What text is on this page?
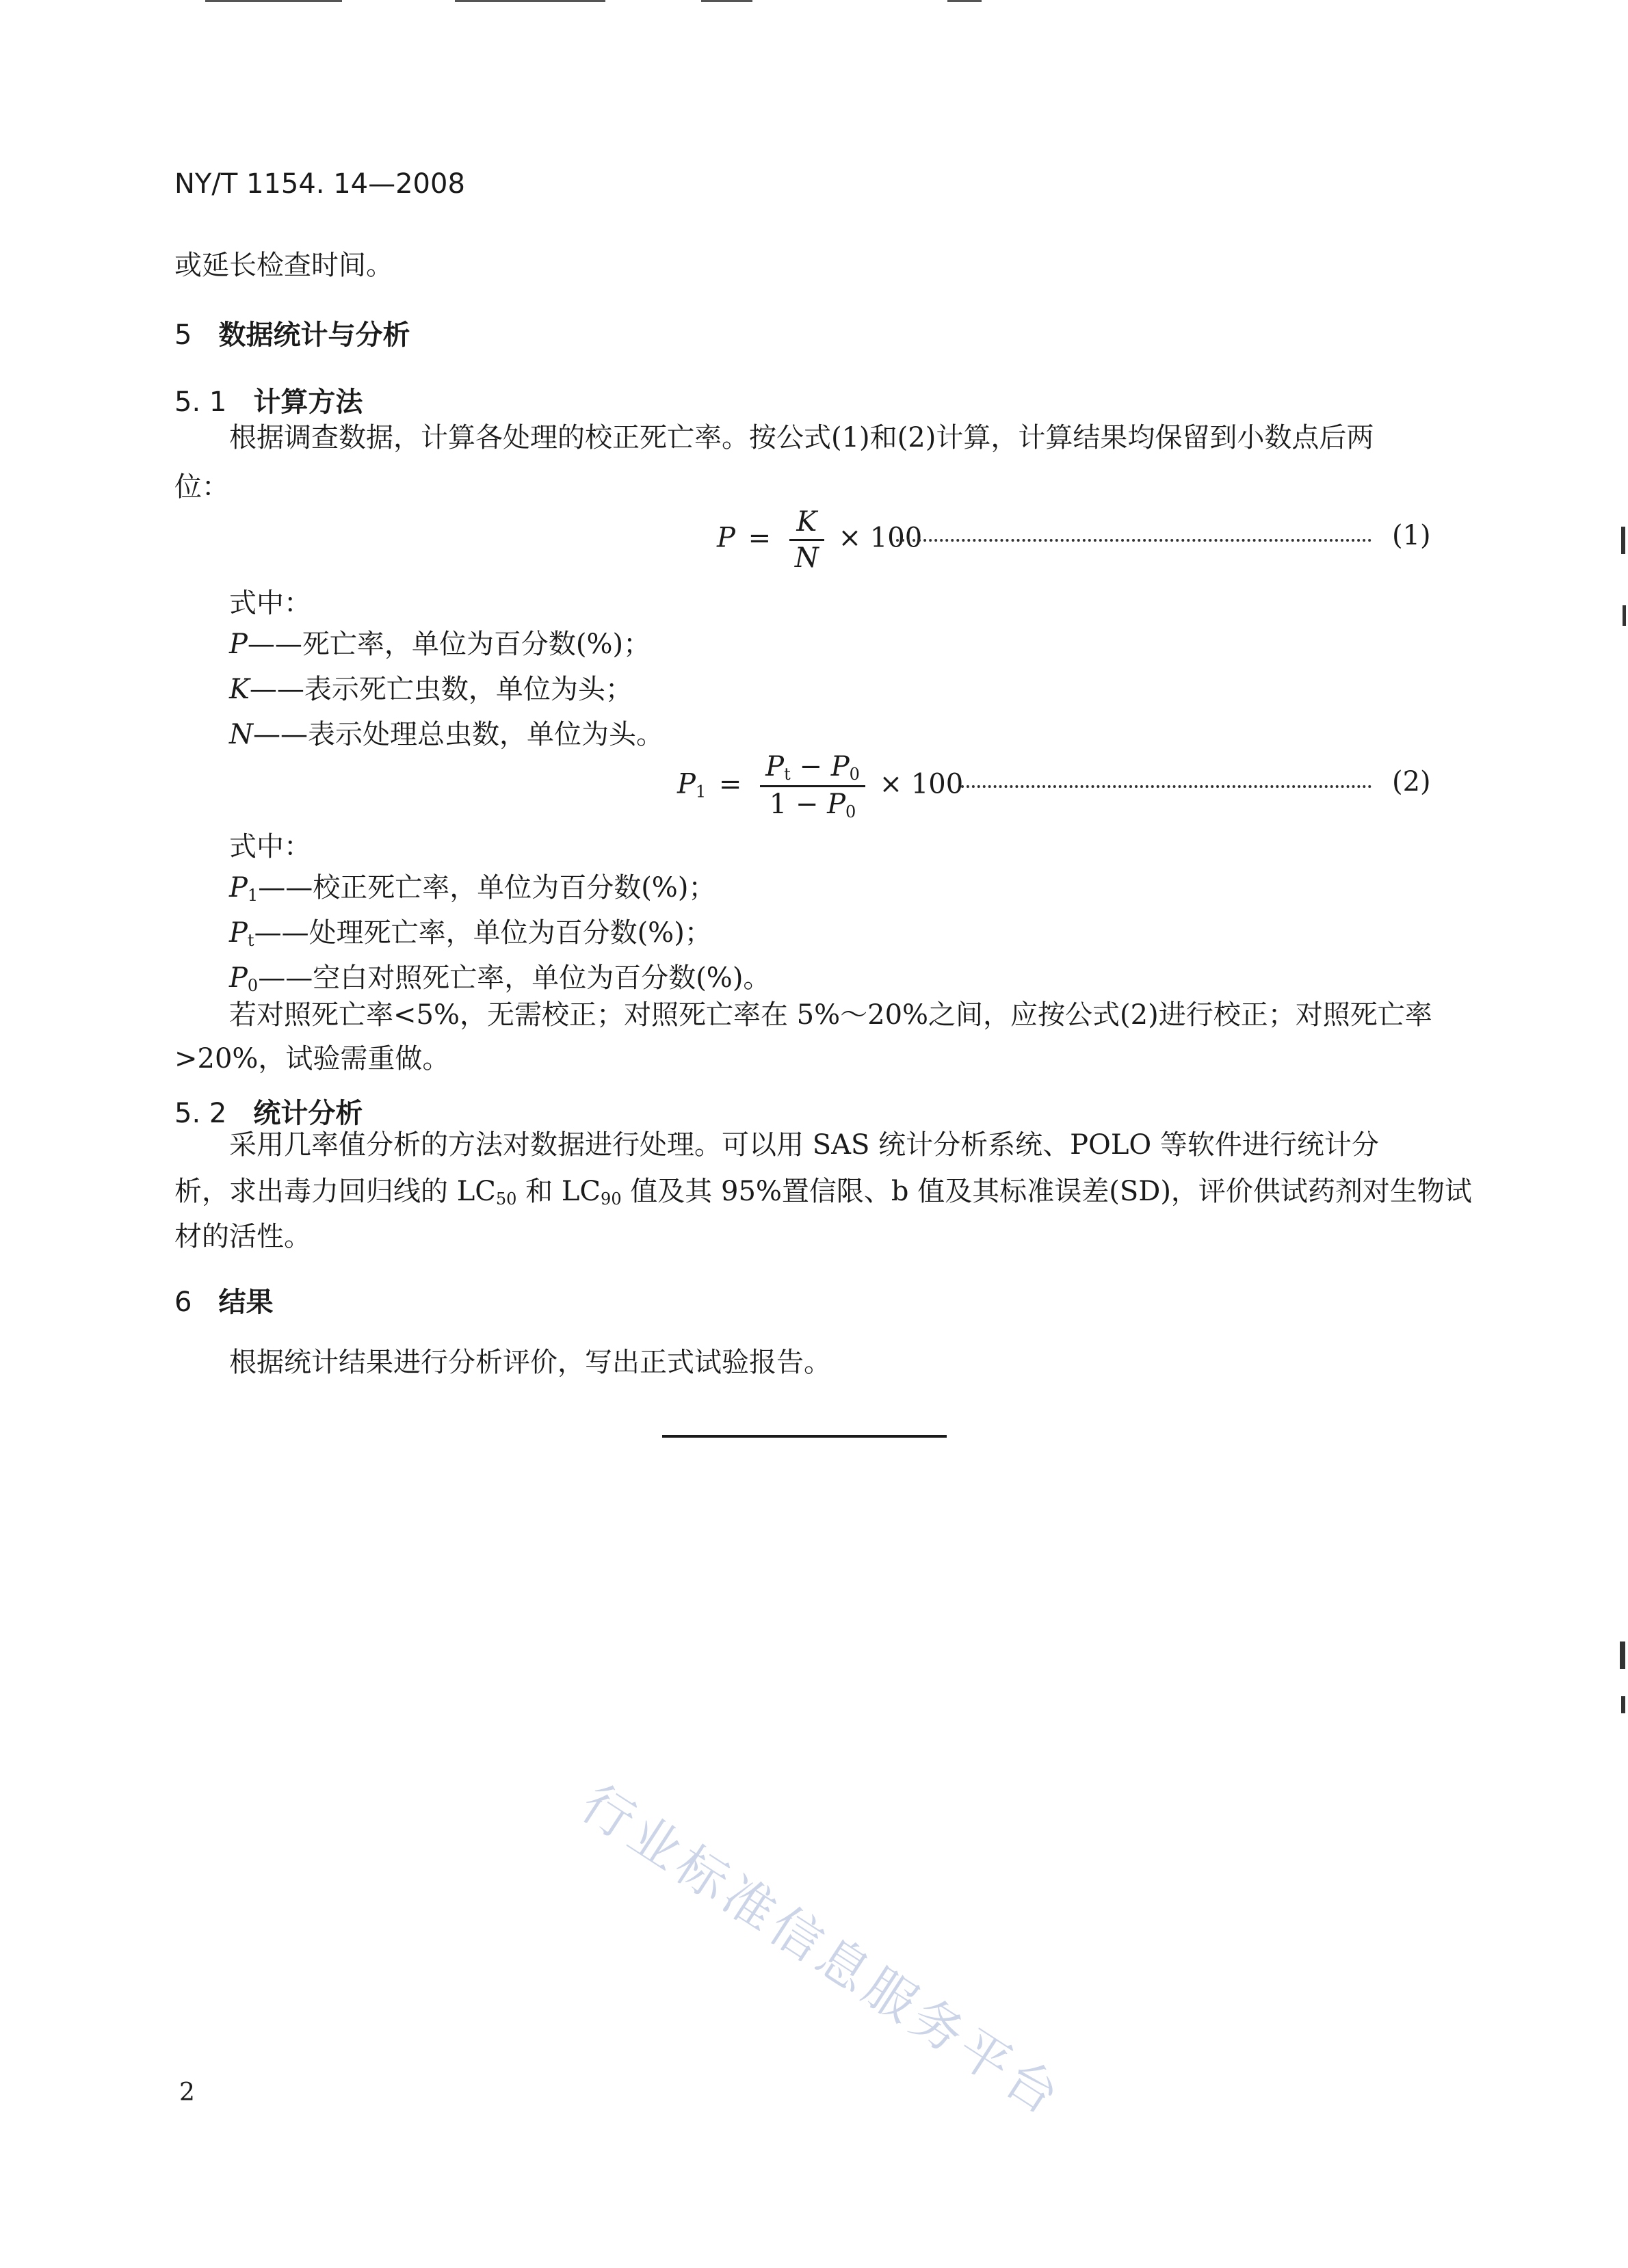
NY/T 1154. 14—2008
或延长检查时间。
5 数据统计与分析
5. 1 计算方法
根据调查数据，计算各处理的校正死亡率。按公式(1)和(2)计算，计算结果均保留到小数点后两
位：
$P = \frac{K}{N} \times 100$	(1)
式中：
P——死亡率，单位为百分数(%)；
K——表示死亡虫数，单位为头；
N——表示处理总虫数，单位为头。
$P_1 = \frac{P_t - P_0}{1 - P_0} \times 100$	(2)
式中：
$P_1——$校正死亡率，单位为百分数(%)；
$P_t——$处理死亡率，单位为百分数(%)；
$P_0——$空白对照死亡率，单位为百分数(%)。
若对照死亡率<5%，无需校正；对照死亡率在 5%～20%之间，应按公式(2)进行校正；对照死亡率
>20%，试验需重做。
5. 2 统计分析
采用几率值分析的方法对数据进行处理。可以用 SAS 统计分析系统、POLO 等软件进行统计分
析，求出毒力回归线的 $LC_{50}$ 和 $LC_{90}$ 值及其 95%置信限、b 值及其标准误差(SD)，评价供试药剂对生物试
材的活性。
6 结果
根据统计结果进行分析评价，写出正式试验报告。
行业标准信息服务平台
2
